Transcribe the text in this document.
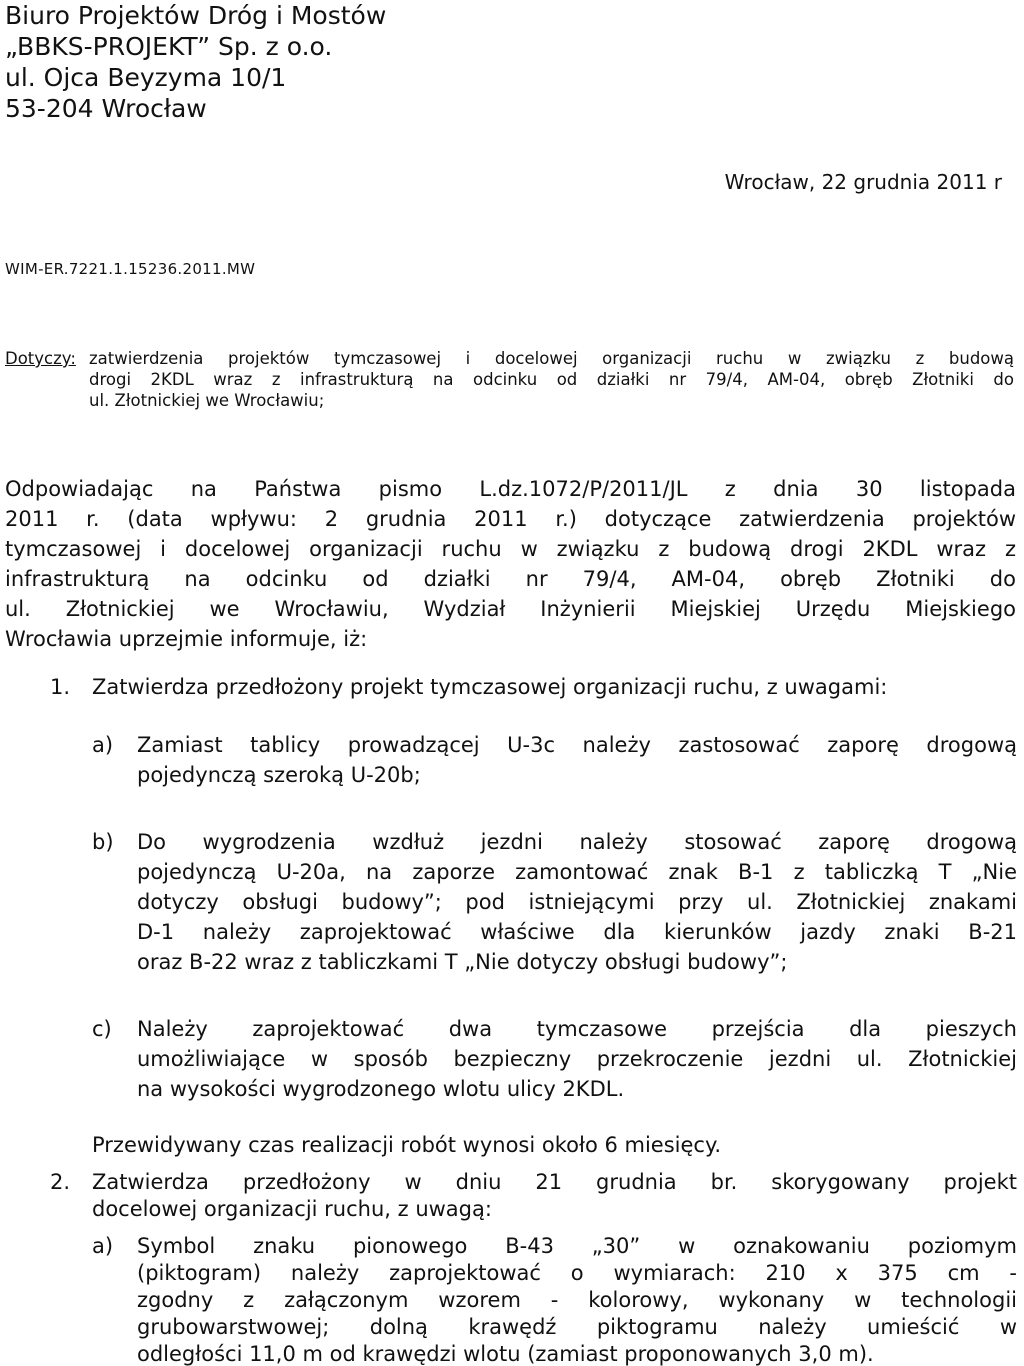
Biuro Projektów Dróg i Mostów
„BBKS-PROJEKT” Sp. z o.o.
ul. Ojca Beyzyma 10/1
53-204 Wrocław
Wrocław, 22 grudnia 2011 r
WIM-ER.7221.1.15236.2011.MW
Dotyczy: zatwierdzenia projektów tymczasowej i docelowej organizacji ruchu w związku z budową
drogi 2KDL wraz z infrastrukturą na odcinku od działki nr 79/4, AM-04, obręb Złotniki do
ul. Złotnickiej we Wrocławiu;
Odpowiadając na Państwa pismo L.dz.1072/P/2011/JL z dnia 30 listopada
2011 r. (data wpływu: 2 grudnia 2011 r.) dotyczące zatwierdzenia projektów
tymczasowej i docelowej organizacji ruchu w związku z budową drogi 2KDL wraz z
infrastrukturą na odcinku od działki nr 79/4, AM-04, obręb Złotniki do
ul. Złotnickiej we Wrocławiu, Wydział Inżynierii Miejskiej Urzędu Miejskiego
Wrocławia uprzejmie informuje, iż:
1. Zatwierdza przedłożony projekt tymczasowej organizacji ruchu, z uwagami:
a) Zamiast tablicy prowadzącej U-3c należy zastosować zaporę drogową
pojedynczą szeroką U-20b;
b) Do wygrodzenia wzdłuż jezdni należy stosować zaporę drogową
pojedynczą U-20a, na zaporze zamontować znak B-1 z tabliczką T „Nie
dotyczy obsługi budowy”; pod istniejącymi przy ul. Złotnickiej znakami
D-1 należy zaprojektować właściwe dla kierunków jazdy znaki B-21
oraz B-22 wraz z tabliczkami T „Nie dotyczy obsługi budowy”;
c) Należy zaprojektować dwa tymczasowe przejścia dla pieszych
umożliwiające w sposób bezpieczny przekroczenie jezdni ul. Złotnickiej
na wysokości wygrodzonego wlotu ulicy 2KDL.
Przewidywany czas realizacji robót wynosi około 6 miesięcy.
2. Zatwierdza przedłożony w dniu 21 grudnia br. skorygowany projekt
docelowej organizacji ruchu, z uwagą:
a) Symbol znaku pionowego B-43 „30” w oznakowaniu poziomym
(piktogram) należy zaprojektować o wymiarach: 210 x 375 cm -
zgodny z załączonym wzorem - kolorowy, wykonany w technologii
grubowarstwowej; dolną krawędź piktogramu należy umieścić w
odległości 11,0 m od krawędzi wlotu (zamiast proponowanych 3,0 m).
